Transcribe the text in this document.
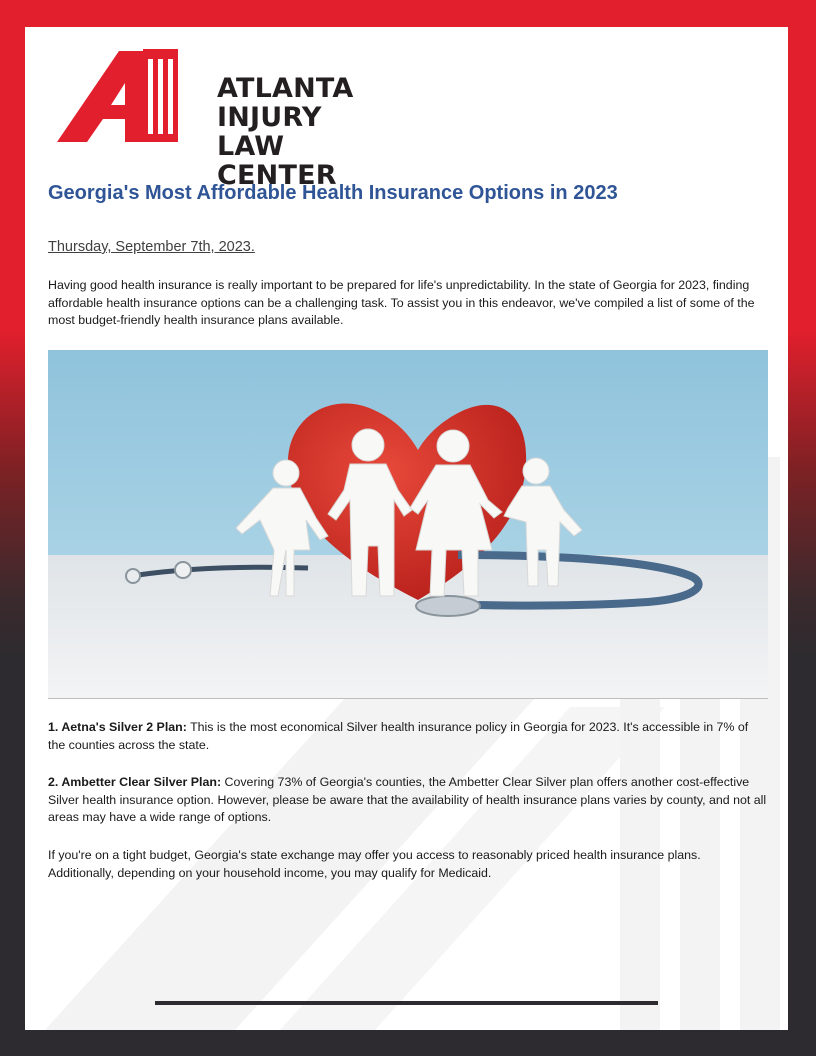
ATLANTA
INJURY
LAW CENTER
Georgia's Most Affordable Health Insurance Options in 2023
Thursday, September 7th, 2023.

Having good health insurance is really important to be prepared for life's unpredictability. In the state of Georgia for 2023, finding affordable health insurance options can be a challenging task. To assist you in this endeavor, we've compiled a list of some of the most budget-friendly health insurance plans available.

1. Aetna's Silver 2 Plan: This is the most economical Silver health insurance policy in Georgia for 2023. It's accessible in 7% of the counties across the state.

2. Ambetter Clear Silver Plan: Covering 73% of Georgia's counties, the Ambetter Clear Silver plan offers another cost-effective Silver health insurance option. However, please be aware that the availability of health insurance plans varies by county, and not all areas may have a wide range of options.

If you're on a tight budget, Georgia's state exchange may offer you access to reasonably priced health insurance plans. Additionally, depending on your household income, you may qualify for Medicaid.
